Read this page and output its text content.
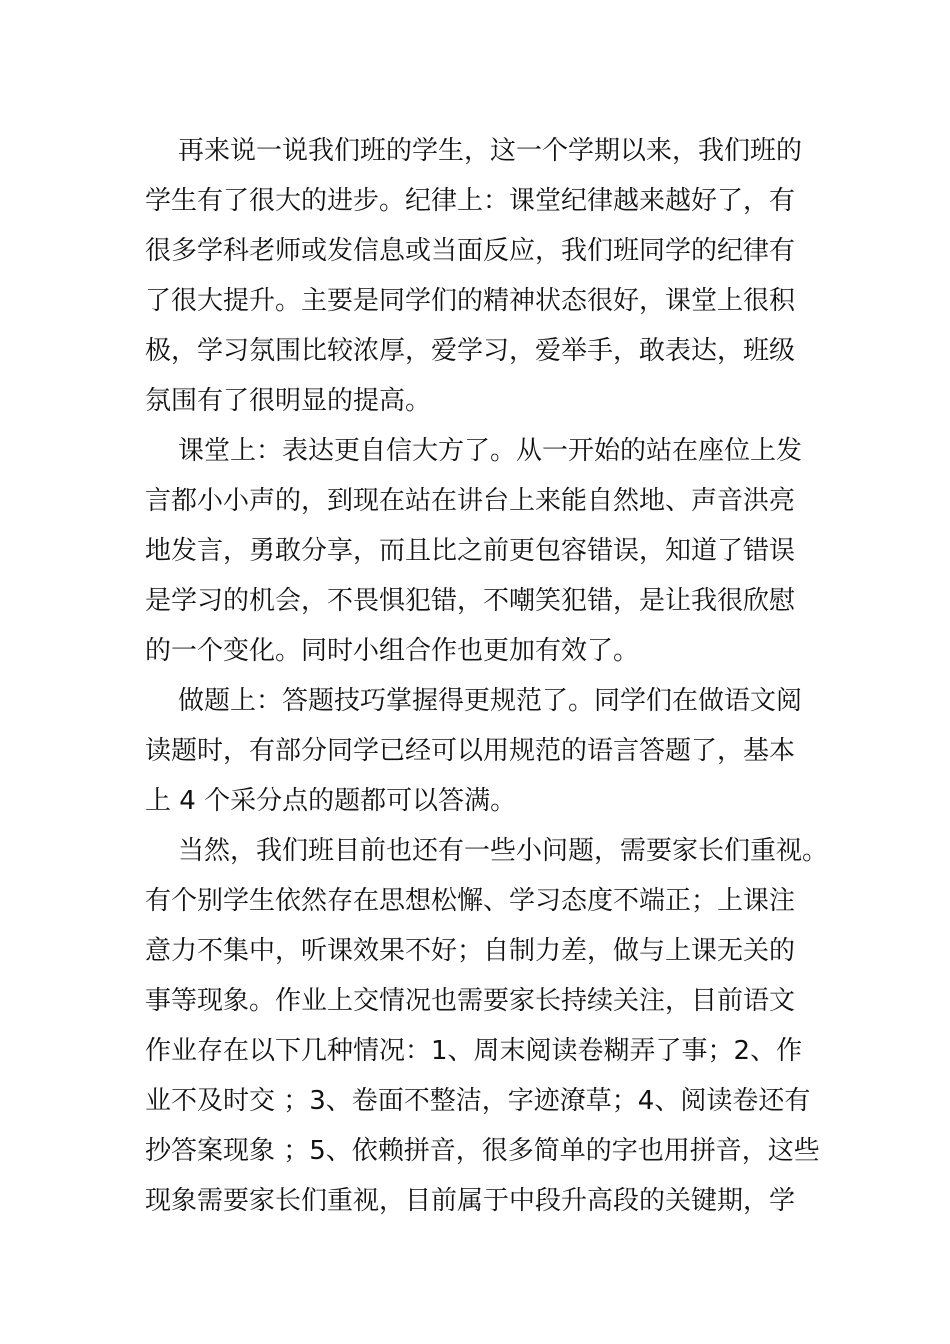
再来说一说我们班的学生，这一个学期以来，我们班的
学生有了很大的进步。纪律上：课堂纪律越来越好了，有
很多学科老师或发信息或当面反应，我们班同学的纪律有
了很大提升。主要是同学们的精神状态很好，课堂上很积
极，学习氛围比较浓厚，爱学习，爱举手，敢表达，班级
氛围有了很明显的提高。
课堂上：表达更自信大方了。从一开始的站在座位上发
言都小小声的，到现在站在讲台上来能自然地、声音洪亮
地发言，勇敢分享，而且比之前更包容错误，知道了错误
是学习的机会，不畏惧犯错，不嘲笑犯错，是让我很欣慰
的一个变化。同时小组合作也更加有效了。
做题上：答题技巧掌握得更规范了。同学们在做语文阅
读题时，有部分同学已经可以用规范的语言答题了，基本
上 4 个采分点的题都可以答满。
当然，我们班目前也还有一些小问题，需要家长们重视。
有个别学生依然存在思想松懈、学习态度不端正；上课注
意力不集中，听课效果不好；自制力差，做与上课无关的
事等现象。作业上交情况也需要家长持续关注，目前语文
作业存在以下几种情况：1、周末阅读卷糊弄了事；2、作
业不及时交 ；3、卷面不整洁，字迹潦草；4、阅读卷还有
抄答案现象 ；5、依赖拼音，很多简单的字也用拼音，这些
现象需要家长们重视，目前属于中段升高段的关键期，学
